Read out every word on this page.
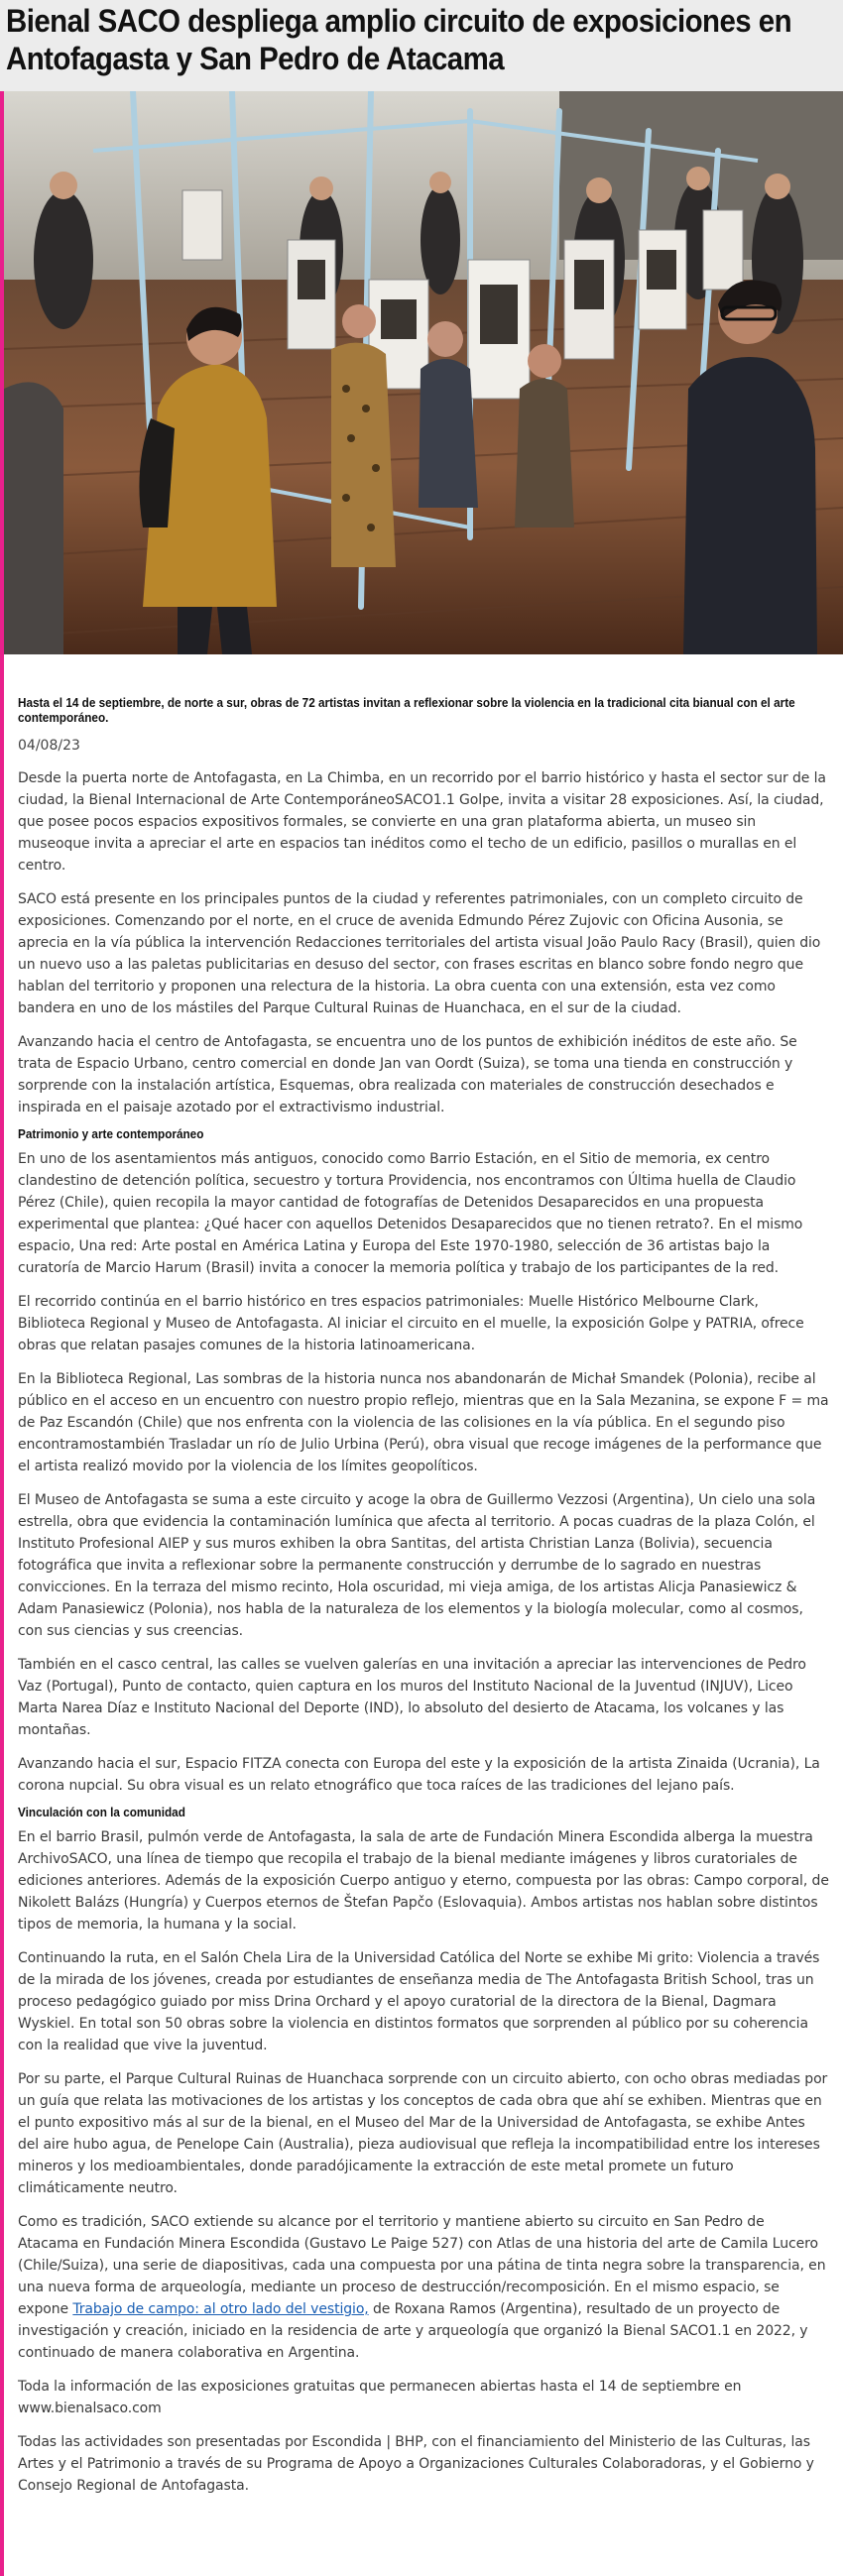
Bienal SACO despliega amplio circuito de exposiciones en Antofagasta y San Pedro de Atacama

Hasta el 14 de septiembre, de norte a sur, obras de 72 artistas invitan a reflexionar sobre la violencia en la tradicional cita bianual con el arte contemporáneo.

04/08/23

Desde la puerta norte de Antofagasta, en La Chimba, en un recorrido por el barrio histórico y hasta el sector sur de la ciudad, la Bienal Internacional de Arte ContemporáneoSACO1.1 Golpe, invita a visitar 28 exposiciones. Así, la ciudad, que posee pocos espacios expositivos formales, se convierte en una gran plataforma abierta, un museo sin museoque invita a apreciar el arte en espacios tan inéditos como el techo de un edificio, pasillos o murallas en el centro.

SACO está presente en los principales puntos de la ciudad y referentes patrimoniales, con un completo circuito de exposiciones. Comenzando por el norte, en el cruce de avenida Edmundo Pérez Zujovic con Oficina Ausonia, se aprecia en la vía pública la intervención Redacciones territoriales del artista visual João Paulo Racy (Brasil), quien dio un nuevo uso a las paletas publicitarias en desuso del sector, con frases escritas en blanco sobre fondo negro que hablan del territorio y proponen una relectura de la historia. La obra cuenta con una extensión, esta vez como bandera en uno de los mástiles del Parque Cultural Ruinas de Huanchaca, en el sur de la ciudad.

Avanzando hacia el centro de Antofagasta, se encuentra uno de los puntos de exhibición inéditos de este año. Se trata de Espacio Urbano, centro comercial en donde Jan van Oordt (Suiza), se toma una tienda en construcción y sorprende con la instalación artística, Esquemas, obra realizada con materiales de construcción desechados e inspirada en el paisaje azotado por el extractivismo industrial.

Patrimonio y arte contemporáneo

En uno de los asentamientos más antiguos, conocido como Barrio Estación, en el Sitio de memoria, ex centro clandestino de detención política, secuestro y tortura Providencia, nos encontramos con Última huella de Claudio Pérez (Chile), quien recopila la mayor cantidad de fotografías de Detenidos Desaparecidos en una propuesta experimental que plantea: ¿Qué hacer con aquellos Detenidos Desaparecidos que no tienen retrato?. En el mismo espacio, Una red: Arte postal en América Latina y Europa del Este 1970-1980, selección de 36 artistas bajo la curatoría de Marcio Harum (Brasil) invita a conocer la memoria política y trabajo de los participantes de la red.

El recorrido continúa en el barrio histórico en tres espacios patrimoniales: Muelle Histórico Melbourne Clark, Biblioteca Regional y Museo de Antofagasta. Al iniciar el circuito en el muelle, la exposición Golpe y PATRIA, ofrece obras que relatan pasajes comunes de la historia latinoamericana.

En la Biblioteca Regional, Las sombras de la historia nunca nos abandonarán de Michał Smandek (Polonia), recibe al público en el acceso en un encuentro con nuestro propio reflejo, mientras que en la Sala Mezanina, se expone F = ma de Paz Escandón (Chile) que nos enfrenta con la violencia de las colisiones en la vía pública. En el segundo piso encontramostambién Trasladar un río de Julio Urbina (Perú), obra visual que recoge imágenes de la performance que el artista realizó movido por la violencia de los límites geopolíticos.

El Museo de Antofagasta se suma a este circuito y acoge la obra de Guillermo Vezzosi (Argentina), Un cielo una sola estrella, obra que evidencia la contaminación lumínica que afecta al territorio. A pocas cuadras de la plaza Colón, el Instituto Profesional AIEP y sus muros exhiben la obra Santitas, del artista Christian Lanza (Bolivia), secuencia fotográfica que invita a reflexionar sobre la permanente construcción y derrumbe de lo sagrado en nuestras convicciones. En la terraza del mismo recinto, Hola oscuridad, mi vieja amiga, de los artistas Alicja Panasiewicz & Adam Panasiewicz (Polonia), nos habla de la naturaleza de los elementos y la biología molecular, como al cosmos, con sus ciencias y sus creencias.

También en el casco central, las calles se vuelven galerías en una invitación a apreciar las intervenciones de Pedro Vaz (Portugal), Punto de contacto, quien captura en los muros del Instituto Nacional de la Juventud (INJUV), Liceo Marta Narea Díaz e Instituto Nacional del Deporte (IND), lo absoluto del desierto de Atacama, los volcanes y las montañas.

Avanzando hacia el sur, Espacio FITZA conecta con Europa del este y la exposición de la artista Zinaida (Ucrania), La corona nupcial. Su obra visual es un relato etnográfico que toca raíces de las tradiciones del lejano país.

Vinculación con la comunidad

En el barrio Brasil, pulmón verde de Antofagasta, la sala de arte de Fundación Minera Escondida alberga la muestra ArchivoSACO, una línea de tiempo que recopila el trabajo de la bienal mediante imágenes y libros curatoriales de ediciones anteriores. Además de la exposición Cuerpo antiguo y eterno, compuesta por las obras: Campo corporal, de Nikolett Balázs (Hungría) y Cuerpos eternos de Štefan Papčo (Eslovaquia). Ambos artistas nos hablan sobre distintos tipos de memoria, la humana y la social.

Continuando la ruta, en el Salón Chela Lira de la Universidad Católica del Norte se exhibe Mi grito: Violencia a través de la mirada de los jóvenes, creada por estudiantes de enseñanza media de The Antofagasta British School, tras un proceso pedagógico guiado por miss Drina Orchard y el apoyo curatorial de la directora de la Bienal, Dagmara Wyskiel. En total son 50 obras sobre la violencia en distintos formatos que sorprenden al público por su coherencia con la realidad que vive la juventud.

Por su parte, el Parque Cultural Ruinas de Huanchaca sorprende con un circuito abierto, con ocho obras mediadas por un guía que relata las motivaciones de los artistas y los conceptos de cada obra que ahí se exhiben. Mientras que en el punto expositivo más al sur de la bienal, en el Museo del Mar de la Universidad de Antofagasta, se exhibe Antes del aire hubo agua, de Penelope Cain (Australia), pieza audiovisual que refleja la incompatibilidad entre los intereses mineros y los medioambientales, donde paradójicamente la extracción de este metal promete un futuro climáticamente neutro.

Como es tradición, SACO extiende su alcance por el territorio y mantiene abierto su circuito en San Pedro de Atacama en Fundación Minera Escondida (Gustavo Le Paige 527) con Atlas de una historia del arte de Camila Lucero (Chile/Suiza), una serie de diapositivas, cada una compuesta por una pátina de tinta negra sobre la transparencia, en una nueva forma de arqueología, mediante un proceso de destrucción/recomposición. En el mismo espacio, se expone Trabajo de campo: al otro lado del vestigio, de Roxana Ramos (Argentina), resultado de un proyecto de investigación y creación, iniciado en la residencia de arte y arqueología que organizó la Bienal SACO1.1 en 2022, y continuado de manera colaborativa en Argentina.

Toda la información de las exposiciones gratuitas que permanecen abiertas hasta el 14 de septiembre en www.bienalsaco.com

Todas las actividades son presentadas por Escondida | BHP, con el financiamiento del Ministerio de las Culturas, las Artes y el Patrimonio a través de su Programa de Apoyo a Organizaciones Culturales Colaboradoras, y el Gobierno y Consejo Regional de Antofagasta.
